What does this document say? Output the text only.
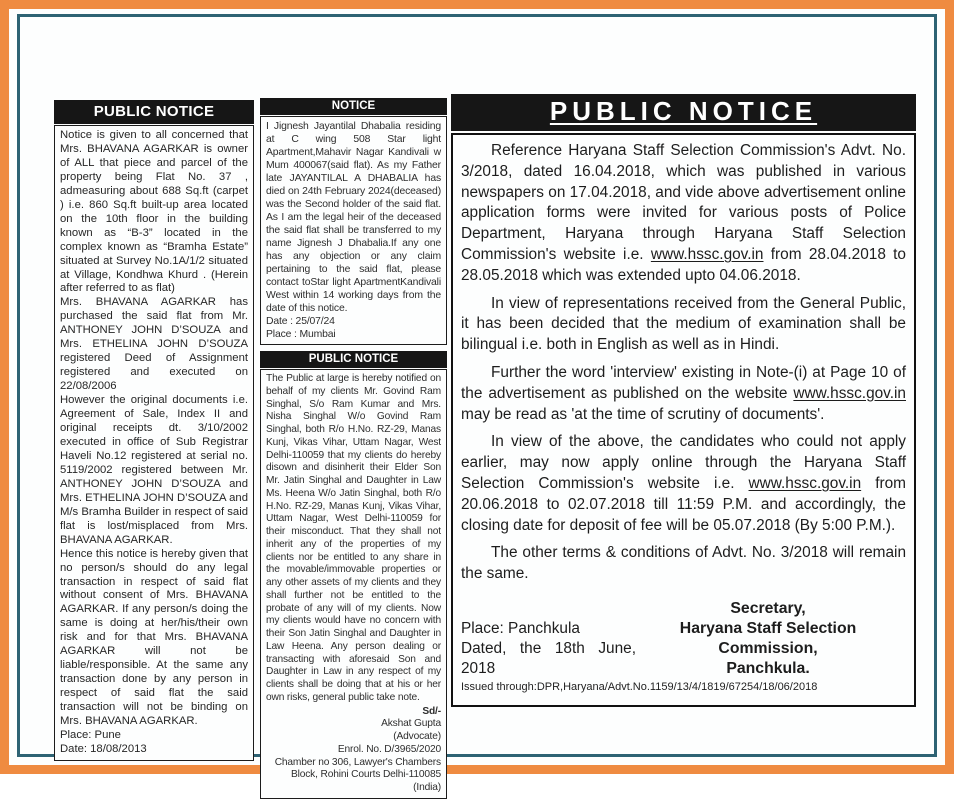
PUBLIC NOTICE

Notice is given to all concerned that Mrs. BHAVANA AGARKAR is owner of ALL that piece and parcel of the property being Flat No. 37 , admeasuring about 688 Sq.ft (carpet ) i.e. 860 Sq.ft built-up area located on the 10th floor in the building known as “B-3” located in the complex known as “Bramha Estate” situated at Survey No.1A/1/2 situated at Village, Kondhwa Khurd . (Herein after referred to as flat)

Mrs. BHAVANA AGARKAR has purchased the said flat from Mr. ANTHONEY JOHN D’SOUZA and Mrs. ETHELINA JOHN D’SOUZA registered Deed of Assignment registered and executed on 22/08/2006

However the original documents i.e. Agreement of Sale, Index II and original receipts dt. 3/10/2002 executed in office of Sub Registrar Haveli No.12 registered at serial no. 5119/2002 registered between Mr. ANTHONEY JOHN D’SOUZA and Mrs. ETHELINA JOHN D’SOUZA and M/s Bramha Builder in respect of said flat is lost/misplaced from Mrs. BHAVANA AGARKAR.

Hence this notice is hereby given that no person/s should do any legal transaction in respect of said flat without consent of Mrs. BHAVANA AGARKAR. If any person/s doing the same is doing at her/his/their own risk and for that Mrs. BHAVANA AGARKAR will not be liable/responsible. At the same any transaction done by any person in respect of said flat the said transaction will not be binding on Mrs. BHAVANA AGARKAR.

Place: Pune

Date: 18/08/2013

NOTICE

I Jignesh Jayantilal Dhabalia residing at C wing 508 Star light Apartment,Mahavir Nagar Kandivali w Mum 400067(said flat). As my Father late JAYANTILAL A DHABALIA has died on 24th February 2024(deceased) was the Second holder of the said flat. As I am the legal heir of the deceased the said flat shall be transferred to my name Jignesh J Dhabalia.If any one has any objection or any claim pertaining to the said flat, please contact toStar light ApartmentKandivali West within 14 working days from the date of this notice.

Date : 25/07/24

Place : Mumbai

PUBLIC NOTICE

The Public at large is hereby notified on behalf of my clients Mr. Govind Ram Singhal, S/o Ram Kumar and Mrs. Nisha Singhal W/o Govind Ram Singhal, both R/o H.No. RZ-29, Manas Kunj, Vikas Vihar, Uttam Nagar, West Delhi-110059 that my clients do hereby disown and disinherit their Elder Son Mr. Jatin Singhal and Daughter in Law Ms. Heena W/o Jatin Singhal, both R/o H.No. RZ-29, Manas Kunj, Vikas Vihar, Uttam Nagar, West Delhi-110059 for their misconduct. That they shall not inherit any of the properties of my clients nor be entitled to any share in the movable/immovable properties or any other assets of my clients and they shall further not be entitled to the probate of any will of my clients. Now my clients would have no concern with their Son Jatin Singhal and Daughter in Law Heena. Any person dealing or transacting with aforesaid Son and Daughter in Law in any respect of my clients shall be doing that at his or her own risks, general public take note.

Sd/-

Akshat Gupta

(Advocate)

Enrol. No. D/3965/2020

Chamber no 306, Lawyer's Chambers

Block, Rohini Courts Delhi-110085 (India)

PUBLIC NOTICE

Reference Haryana Staff Selection Commission's Advt. No. 3/2018, dated 16.04.2018, which was published in various newspapers on 17.04.2018, and vide above advertisement online application forms were invited for various posts of Police Department, Haryana through Haryana Staff Selection Commission's website i.e. www.hssc.gov.in from 28.04.2018 to 28.05.2018 which was extended upto 04.06.2018.

In view of representations received from the General Public, it has been decided that the medium of examination shall be bilingual i.e. both in English as well as in Hindi.

Further the word 'interview' existing in Note-(i) at Page 10 of the advertisement as published on the website www.hssc.gov.in may be read as 'at the time of scrutiny of documents'.

In view of the above, the candidates who could not apply earlier, may now apply online through the Haryana Staff Selection Commission's website i.e. www.hssc.gov.in from 20.06.2018 to 02.07.2018 till 11:59 P.M. and accordingly, the closing date for deposit of fee will be 05.07.2018 (By 5:00 P.M.).

The other terms & conditions of Advt. No. 3/2018 will remain the same.

Place: Panchkula

Dated, the 18th June, 2018

Secretary,

Haryana Staff Selection Commission,

Panchkula.

Issued through:DPR,Haryana/Advt.No.1159/13/4/1819/67254/18/06/2018
